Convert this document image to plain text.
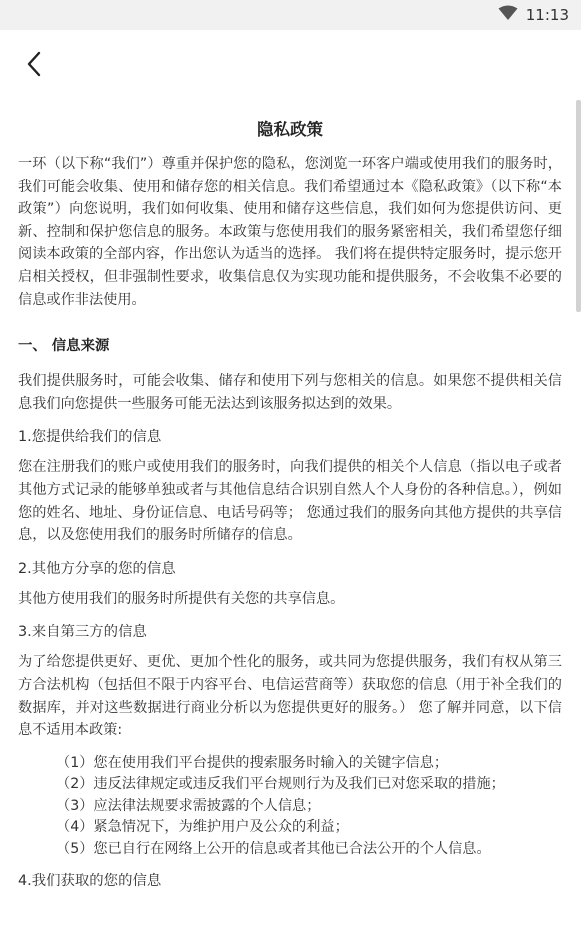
11:13
隐私政策

一环（以下称“我们”）尊重并保护您的隐私，您浏览一环客户端或使用我们的服务时，我们可能会收集、使用和储存您的相关信息。我们希望通过本《隐私政策》（以下称“本政策”）向您说明，我们如何收集、使用和储存这些信息，我们如何为您提供访问、更新、控制和保护您信息的服务。本政策与您使用我们的服务紧密相关，我们希望您仔细阅读本政策的全部内容，作出您认为适当的选择。 我们将在提供特定服务时，提示您开启相关授权，但非强制性要求，收集信息仅为实现功能和提供服务，不会收集不必要的信息或作非法使用。

一、 信息来源

我们提供服务时，可能会收集、储存和使用下列与您相关的信息。如果您不提供相关信息我们向您提供一些服务可能无法达到该服务拟达到的效果。

1.您提供给我们的信息

您在注册我们的账户或使用我们的服务时，向我们提供的相关个人信息（指以电子或者其他方式记录的能够单独或者与其他信息结合识别自然人个人身份的各种信息。），例如您的姓名、地址、身份证信息、电话号码等； 您通过我们的服务向其他方提供的共享信息，以及您使用我们的服务时所储存的信息。

2.其他方分享的您的信息

其他方使用我们的服务时所提供有关您的共享信息。

3.来自第三方的信息

为了给您提供更好、更优、更加个性化的服务，或共同为您提供服务，我们有权从第三方合法机构（包括但不限于内容平台、电信运营商等）获取您的信息（用于补全我们的数据库，并对这些数据进行商业分析以为您提供更好的服务。） 您了解并同意，以下信息不适用本政策:

（1）您在使用我们平台提供的搜索服务时输入的关键字信息；
（2）违反法律规定或违反我们平台规则行为及我们已对您采取的措施；
（3）应法律法规要求需披露的个人信息；
（4）紧急情况下，为维护用户及公众的利益；
（5）您已自行在网络上公开的信息或者其他已合法公开的个人信息。
4.我们获取的您的信息
